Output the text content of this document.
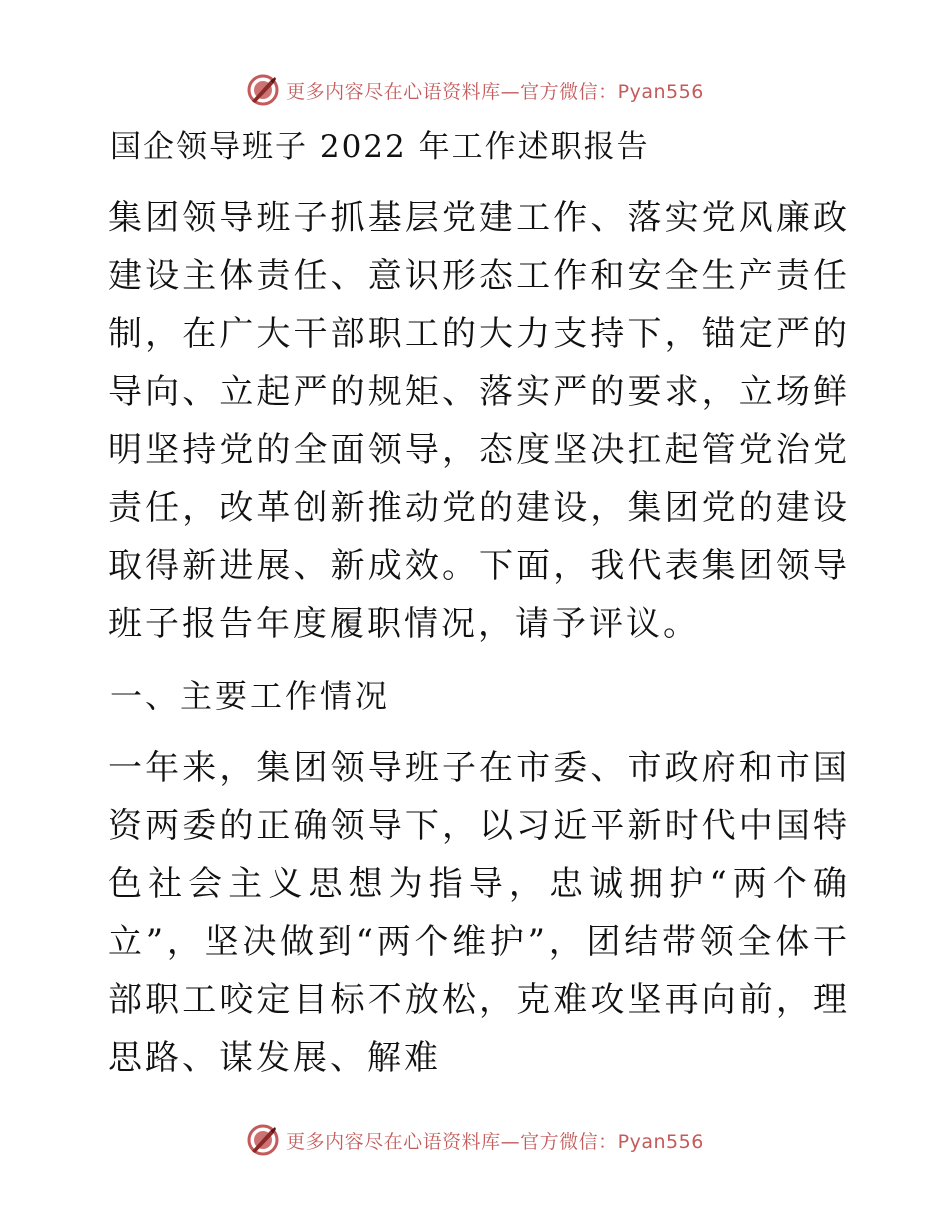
更多内容尽在心语资料库—官方微信：Pyan556
国企领导班子 2022 年工作述职报告

集团领导班子抓基层党建工作、落实党风廉政建设主体责任、意识形态工作和安全生产责任制，在广大干部职工的大力支持下，锚定严的导向、立起严的规矩、落实严的要求，立场鲜明坚持党的全面领导，态度坚决扛起管党治党责任，改革创新推动党的建设，集团党的建设取得新进展、新成效。下面，我代表集团领导班子报告年度履职情况，请予评议。

一、主要工作情况

一年来，集团领导班子在市委、市政府和市国资两委的正确领导下，以习近平新时代中国特色社会主义思想为指导，忠诚拥护“两个确立”，坚决做到“两个维护”，团结带领全体干部职工咬定目标不放松，克难攻坚再向前，理思路、谋发展、解难

更多内容尽在心语资料库—官方微信：Pyan556
